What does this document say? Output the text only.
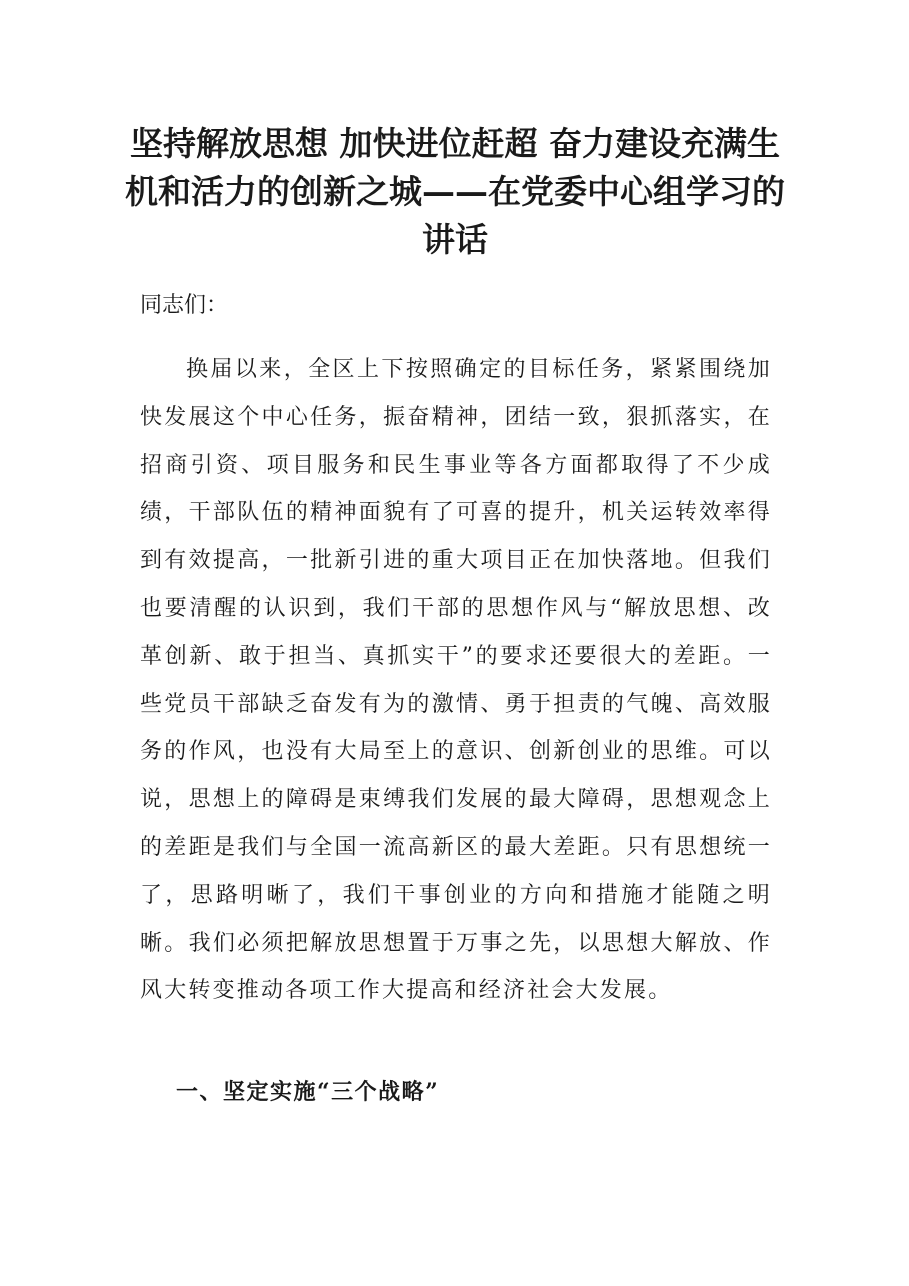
坚持解放思想 加快进位赶超 奋力建设充满生机和活力的创新之城——在党委中心组学习的讲话

同志们：

换届以来，全区上下按照确定的目标任务，紧紧围绕加快发展这个中心任务，振奋精神，团结一致，狠抓落实，在招商引资、项目服务和民生事业等各方面都取得了不少成绩，干部队伍的精神面貌有了可喜的提升，机关运转效率得到有效提高，一批新引进的重大项目正在加快落地。但我们也要清醒的认识到，我们干部的思想作风与“解放思想、改革创新、敢于担当、真抓实干”的要求还要很大的差距。一些党员干部缺乏奋发有为的激情、勇于担责的气魄、高效服务的作风，也没有大局至上的意识、创新创业的思维。可以说，思想上的障碍是束缚我们发展的最大障碍，思想观念上的差距是我们与全国一流高新区的最大差距。只有思想统一了，思路明晰了，我们干事创业的方向和措施才能随之明晰。我们必须把解放思想置于万事之先，以思想大解放、作风大转变推动各项工作大提高和经济社会大发展。

一、坚定实施“三个战略”
